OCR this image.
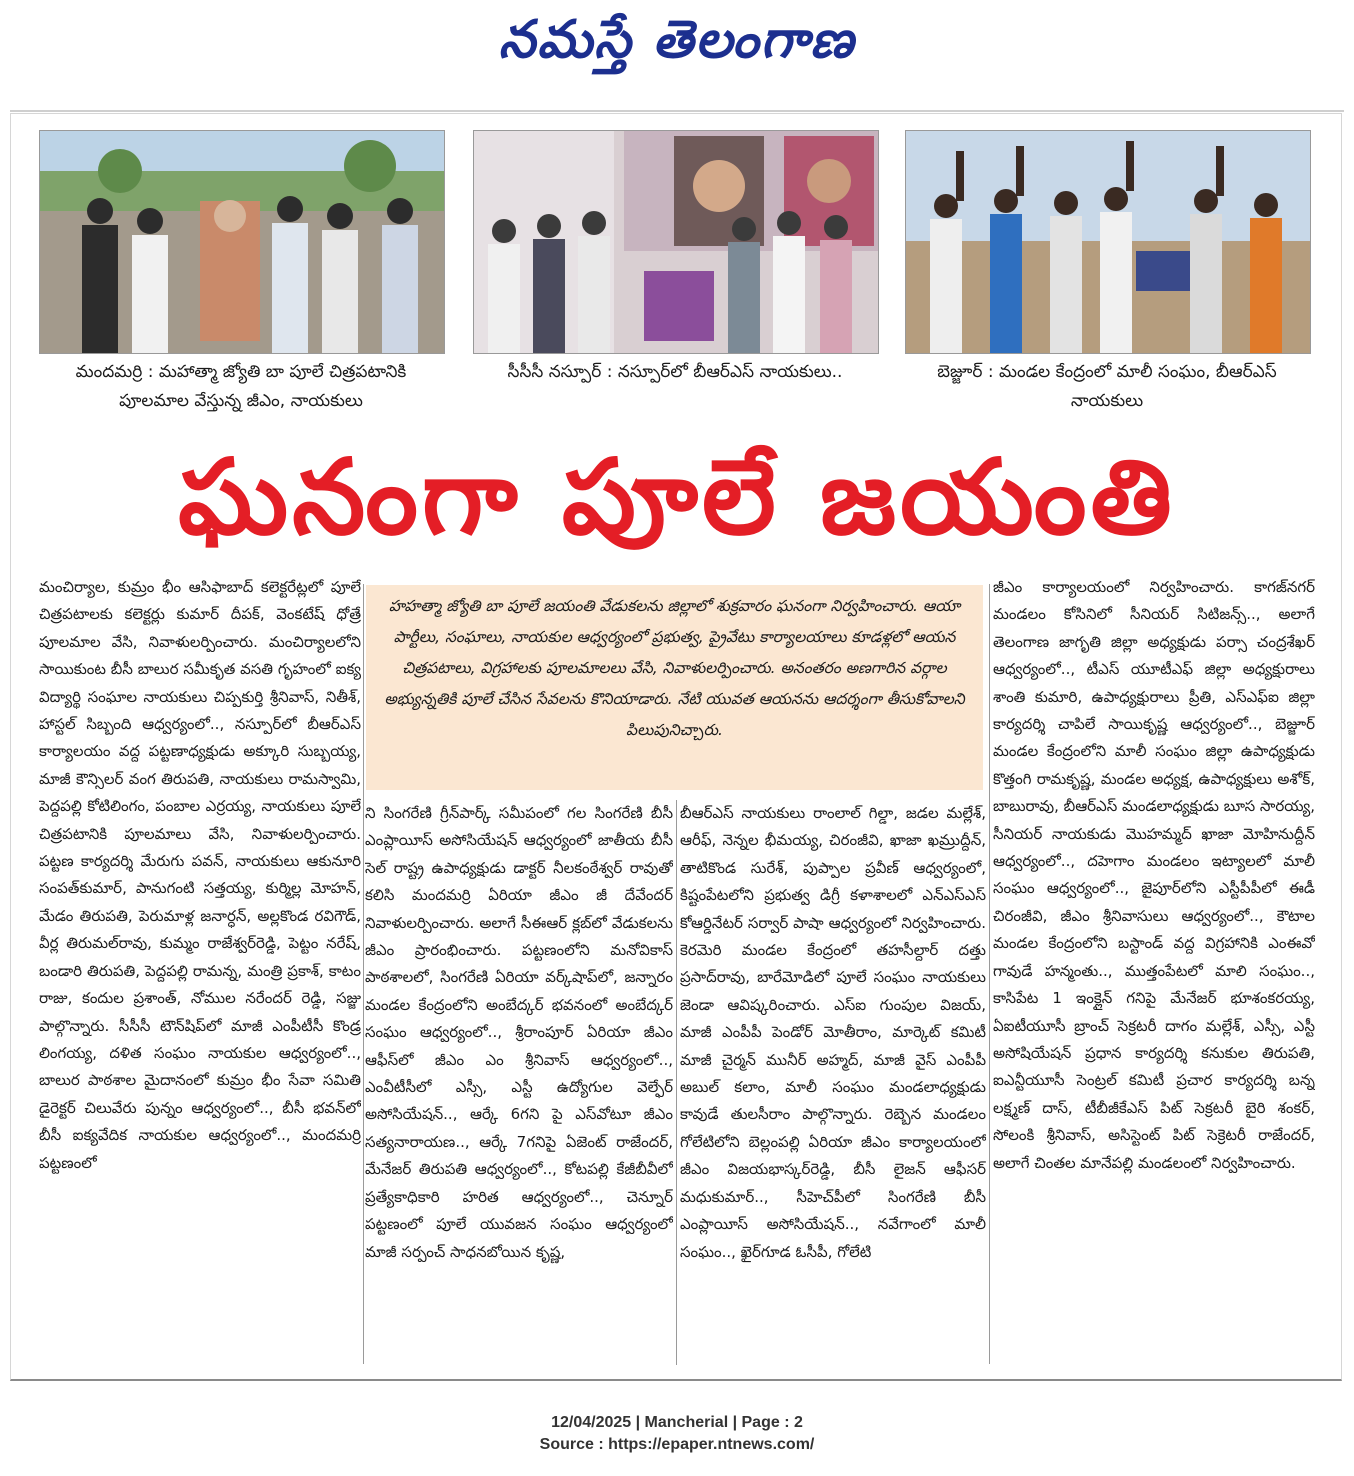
నమస్తే తెలంగాణ
మందమర్రి : మహాత్మా జ్యోతి బా పూలే చిత్రపటానికి పూలమాల వేస్తున్న జీఎం, నాయకులు
సీసీసీ నస్పూర్ : నస్పూర్‌లో బీఆర్‌ఎస్ నాయకులు..	బెజ్జూర్ : మండల కేంద్రంలో మాలీ సంఘం, బీఆర్‌ఎస్ నాయకులు
ఘనంగా పూలే జయంతి
మంచిర్యాల, కుమ్రం భీం ఆసిఫాబాద్ కలెక్టరేట్లలో పూలే చిత్రపటాలకు కలెక్టర్లు కుమార్ దీపక్, వెంకటేష్ ధోత్రే పూలమాల వేసి, నివాళులర్పించారు. మంచిర్యాలలోని సాయికుంట బీసీ బాలుర సమీకృత వసతి గృహంలో ఐక్య విద్యార్థి సంఘాల నాయకులు చిప్పకుర్తి శ్రీనివాస్, నితీశ్, హాస్టల్ సిబ్బంది ఆధ్వర్యంలో.., నస్పూర్‌లో బీఆర్‌ఎస్ కార్యాలయం వద్ద పట్టణాధ్యక్షుడు అక్కూరి సుబ్బయ్య, మాజీ కౌన్సిలర్ వంగ తిరుపతి, నాయకులు రామస్వామి, పెద్దపల్లి కోటిలింగం, పంబాల ఎర్రయ్య, నాయకులు పూలే చిత్రపటానికి పూలమాలు వేసి, నివాళులర్పించారు. పట్టణ కార్యదర్శి మేరుగు పవన్, నాయకులు ఆకునూరి సంపత్‌కుమార్, పానుగంటి సత్తయ్య, కుర్మిల్ల మోహన్, మేడం తిరుపతి, పెరుమాళ్ల జనార్ధన్, అల్లకొండ రవిగౌడ్, వీర్ల తిరుమల్‌రావు, కుమ్మం రాజేశ్వర్‌రెడ్డి, పెట్టం నరేష్, బండారి తిరుపతి, పెద్దపల్లి రామన్న, మంత్రి ప్రకాశ్, కాటం రాజు, కందుల ప్రశాంత్, నోముల నరేందర్ రెడ్డి, సజ్జు పాల్గొన్నారు. సీసీసీ టౌన్‌షిప్‌లో మాజీ ఎంపీటీసీ కొండ్ర లింగయ్య, దళిత సంఘం నాయకుల ఆధ్వర్యంలో.., బాలుర పాఠశాల మైదానంలో కుమ్రం భీం సేవా సమితి డైరెక్టర్ చిలువేరు పున్నం ఆధ్వర్యంలో.., బీసీ భవన్‌లో బీసీ ఐక్యవేదిక నాయకుల ఆధ్వర్యంలో.., మందమర్రి పట్టణంలో
హహత్మా జ్యోతి బా పూలే జయంతి వేడుకలను జిల్లాలో శుక్రవారం ఘనంగా నిర్వహించారు. ఆయా పార్టీలు, సంఘాలు, నాయకుల ఆధ్వర్యంలో ప్రభుత్వ, ప్రైవేటు కార్యాలయాలు కూడళ్లలో ఆయన చిత్రపటాలు, విగ్రహాలకు పూలమాలలు వేసి, నివాళులర్పించారు. అనంతరం అణగారిన వర్గాల అభ్యున్నతికి పూలే చేసిన సేవలను కొనియాడారు. నేటి యువత ఆయనను ఆదర్శంగా తీసుకోవాలని పిలుపునిచ్చారు.
ని సింగరేణి గ్రీన్‌పార్క్ సమీపంలో గల సింగరేణి బీసీ ఎంప్లాయీస్ అసోసియేషన్ ఆధ్వర్యంలో జాతీయ బీసీ సెల్ రాష్ట్ర ఉపాధ్యక్షుడు డాక్టర్ నీలకంఠేశ్వర్ రావుతో కలిసి మందమర్రి ఏరియా జీఎం జీ దేవేందర్ నివాళులర్పించారు. అలాగే సీఈఆర్ క్లబ్‌లో వేడుకలను జీఎం ప్రారంభించారు. పట్టణంలోని మనోవికాస్ పాఠశాలలో, సింగరేణి ఏరియా వర్క్‌షాప్‌లో, జన్నారం మండల కేంద్రంలోని అంబేద్కర్ భవనంలో అంబేద్కర్ సంఘం ఆధ్వర్యంలో.., శ్రీరాంపూర్ ఏరియా జీఎం ఆఫీస్‌లో జీఎం ఎం శ్రీనివాస్ ఆధ్వర్యంలో.., ఎంవీటీసీలో ఎస్సీ, ఎస్టీ ఉద్యోగుల వెల్ఫేర్ అసోసియేషన్.., ఆర్కే 6గని పై ఎస్‌వోటూ జీఎం సత్యనారాయణ.., ఆర్కే 7గనిపై ఏజెంట్ రాజేందర్, మేనేజర్ తిరుపతి ఆధ్వర్యంలో.., కోటపల్లి కేజీబీవీలో ప్రత్యేకాధికారి హరిత ఆధ్వర్యంలో.., చెన్నూర్ పట్టణంలో పూలే యువజన సంఘం ఆధ్వర్యంలో మాజీ సర్పంచ్ సాధనబోయిన కృష్ణ,
బీఆర్‌ఎస్ నాయకులు రాంలాల్ గిల్డా, జడల మల్లేశ్, ఆరీఫ్, నెన్నల భీమయ్య, చిరంజీవి, ఖాజా ఖమ్రుద్దీన్, తాటికొండ సురేశ్, పుప్పాల ప్రవీణ్ ఆధ్వర్యంలో, కిష్టంపేటలోని ప్రభుత్వ డిగ్రీ కళాశాలలో ఎన్‌ఎస్‌ఎస్ కోఆర్డినేటర్ సర్వార్ పాషా ఆధ్వర్యంలో నిర్వహించారు. కెరమెరి మండల కేంద్రంలో తహసీల్దార్ దత్తు ప్రసాద్‌రావు, బారేమోడిలో పూలే సంఘం నాయకులు జెండా ఆవిష్కరించారు. ఎస్‌ఐ గుంపుల విజయ్, మాజీ ఎంపీపీ పెండోర్ మోతీరాం, మార్కెట్ కమిటీ మాజీ చైర్మన్ మునీర్ అహ్మద్, మాజీ వైస్ ఎంపీపీ అబుల్ కలాం, మాలీ సంఘం మండలాధ్యక్షుడు కావుడే తులసీరాం పాల్గొన్నారు. రెబ్బెన మండలం గోలేటిలోని బెల్లంపల్లి ఏరియా జీఎం కార్యాలయంలో జీఎం విజయభాస్కర్‌రెడ్డి, బీసీ లైజన్ ఆఫీసర్ మధుకుమార్.., సీహెచ్‌పీలో సింగరేణి బీసీ ఎంప్లాయీస్ అసోసియేషన్.., నవేగాంలో మాలీ సంఘం.., ఖైర్‌గూడ ఓసీపీ, గోలేటి
జీఎం కార్యాలయంలో నిర్వహించారు. కాగజ్‌నగర్ మండలం కోసినిలో సీనియర్ సిటిజన్స్.., అలాగే తెలంగాణ జాగృతి జిల్లా అధ్యక్షుడు పర్సా చంద్రశేఖర్ ఆధ్వర్యంలో.., టీఎస్ యూటీఎఫ్ జిల్లా అధ్యక్షురాలు శాంతి కుమారి, ఉపాధ్యక్షురాలు ప్రీతి, ఎస్‌ఎఫ్‌ఐ జిల్లా కార్యదర్శి చాపిలే సాయికృష్ణ ఆధ్వర్యంలో.., బెజ్జూర్ మండల కేంద్రంలోని మాలీ సంఘం జిల్లా ఉపాధ్యక్షుడు కొత్తంగి రామకృష్ణ, మండల అధ్యక్ష, ఉపాధ్యక్షులు అశోక్, బాబురావు, బీఆర్‌ఎస్ మండలాధ్యక్షుడు బూస సారయ్య, సీనియర్ నాయకుడు మొహమ్మద్ ఖాజా మోహినుద్దీన్ ఆధ్వర్యంలో.., దహెగాం మండలం ఇట్యాలలో మాలీ సంఘం ఆధ్వర్యంలో.., జైపూర్‌లోని ఎస్టీపీపీలో ఈడీ చిరంజీవి, జీఎం శ్రీనివాసులు ఆధ్వర్యంలో.., కౌటాల మండల కేంద్రంలోని బస్టాండ్ వద్ద విగ్రహానికి ఎంఈవో గావుడే హన్మంతు.., ముత్తంపేటలో మాలి సంఘం.., కాసిపేట 1 ఇంక్లైన్ గనిపై మేనేజర్ భూశంకరయ్య, ఏఐటీయూసీ బ్రాంచ్ సెక్రటరీ దాగం మల్లేశ్, ఎస్సీ, ఎస్టీ అసోషియేషన్ ప్రధాన కార్యదర్శి కనుకుల తిరుపతి, ఐఎన్టీయూసీ సెంట్రల్ కమిటీ ప్రచార కార్యదర్శి బన్న లక్ష్మణ్ దాస్, టీబీజీకేఎస్ పిట్ సెక్రటరీ బైరి శంకర్, సోలంకి శ్రీనివాస్, అసిస్టెంట్ పిట్ సెక్రెటరీ రాజేందర్, అలాగే చింతల మానేపల్లి మండలంలో నిర్వహించారు.
12/04/2025 | Mancherial | Page : 2
Source : https://epaper.ntnews.com/
